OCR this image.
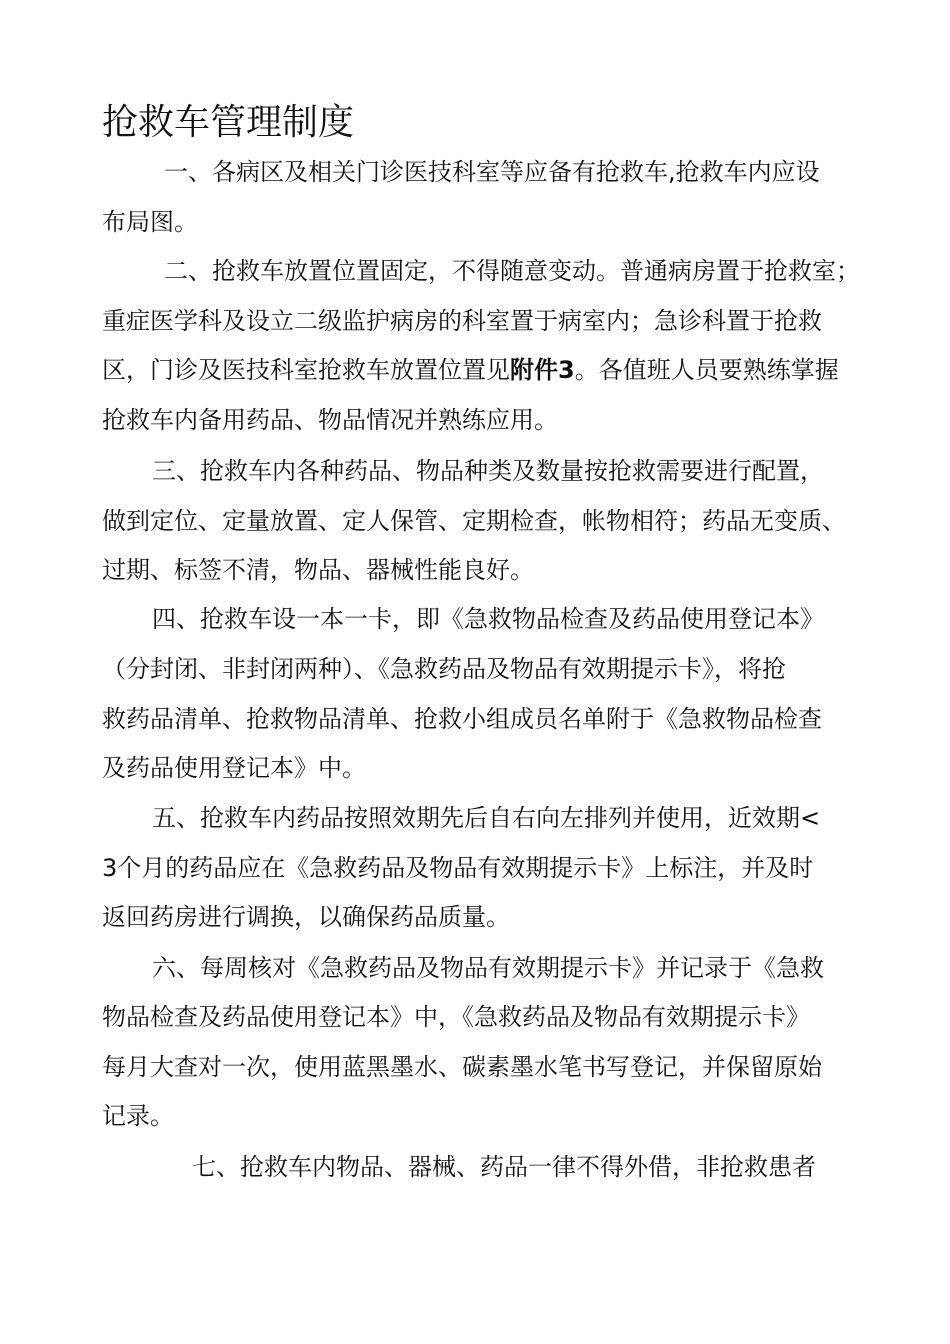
抢救车管理制度

一、各病区及相关门诊医技科室等应备有抢救车,抢救车内应设

布局图。

二、抢救车放置位置固定，不得随意变动。普通病房置于抢救室；

重症医学科及设立二级监护病房的科室置于病室内；急诊科置于抢救

区，门诊及医技科室抢救车放置位置见附件3。各值班人员要熟练掌握

抢救车内备用药品、物品情况并熟练应用。

三、抢救车内各种药品、物品种类及数量按抢救需要进行配置，

做到定位、定量放置、定人保管、定期检查，帐物相符；药品无变质、

过期、标签不清，物品、器械性能良好。

四、抢救车设一本一卡，即《急救物品检查及药品使用登记本》

（分封闭、非封闭两种）、《急救药品及物品有效期提示卡》，将抢

救药品清单、抢救物品清单、抢救小组成员名单附于《急救物品检查

及药品使用登记本》中。

五、抢救车内药品按照效期先后自右向左排列并使用，近效期<

3个月的药品应在《急救药品及物品有效期提示卡》上标注，并及时

返回药房进行调换，以确保药品质量。

六、每周核对《急救药品及物品有效期提示卡》并记录于《急救

物品检查及药品使用登记本》中，《急救药品及物品有效期提示卡》

每月大查对一次，使用蓝黑墨水、碳素墨水笔书写登记，并保留原始

记录。

七、抢救车内物品、器械、药品一律不得外借，非抢救患者
